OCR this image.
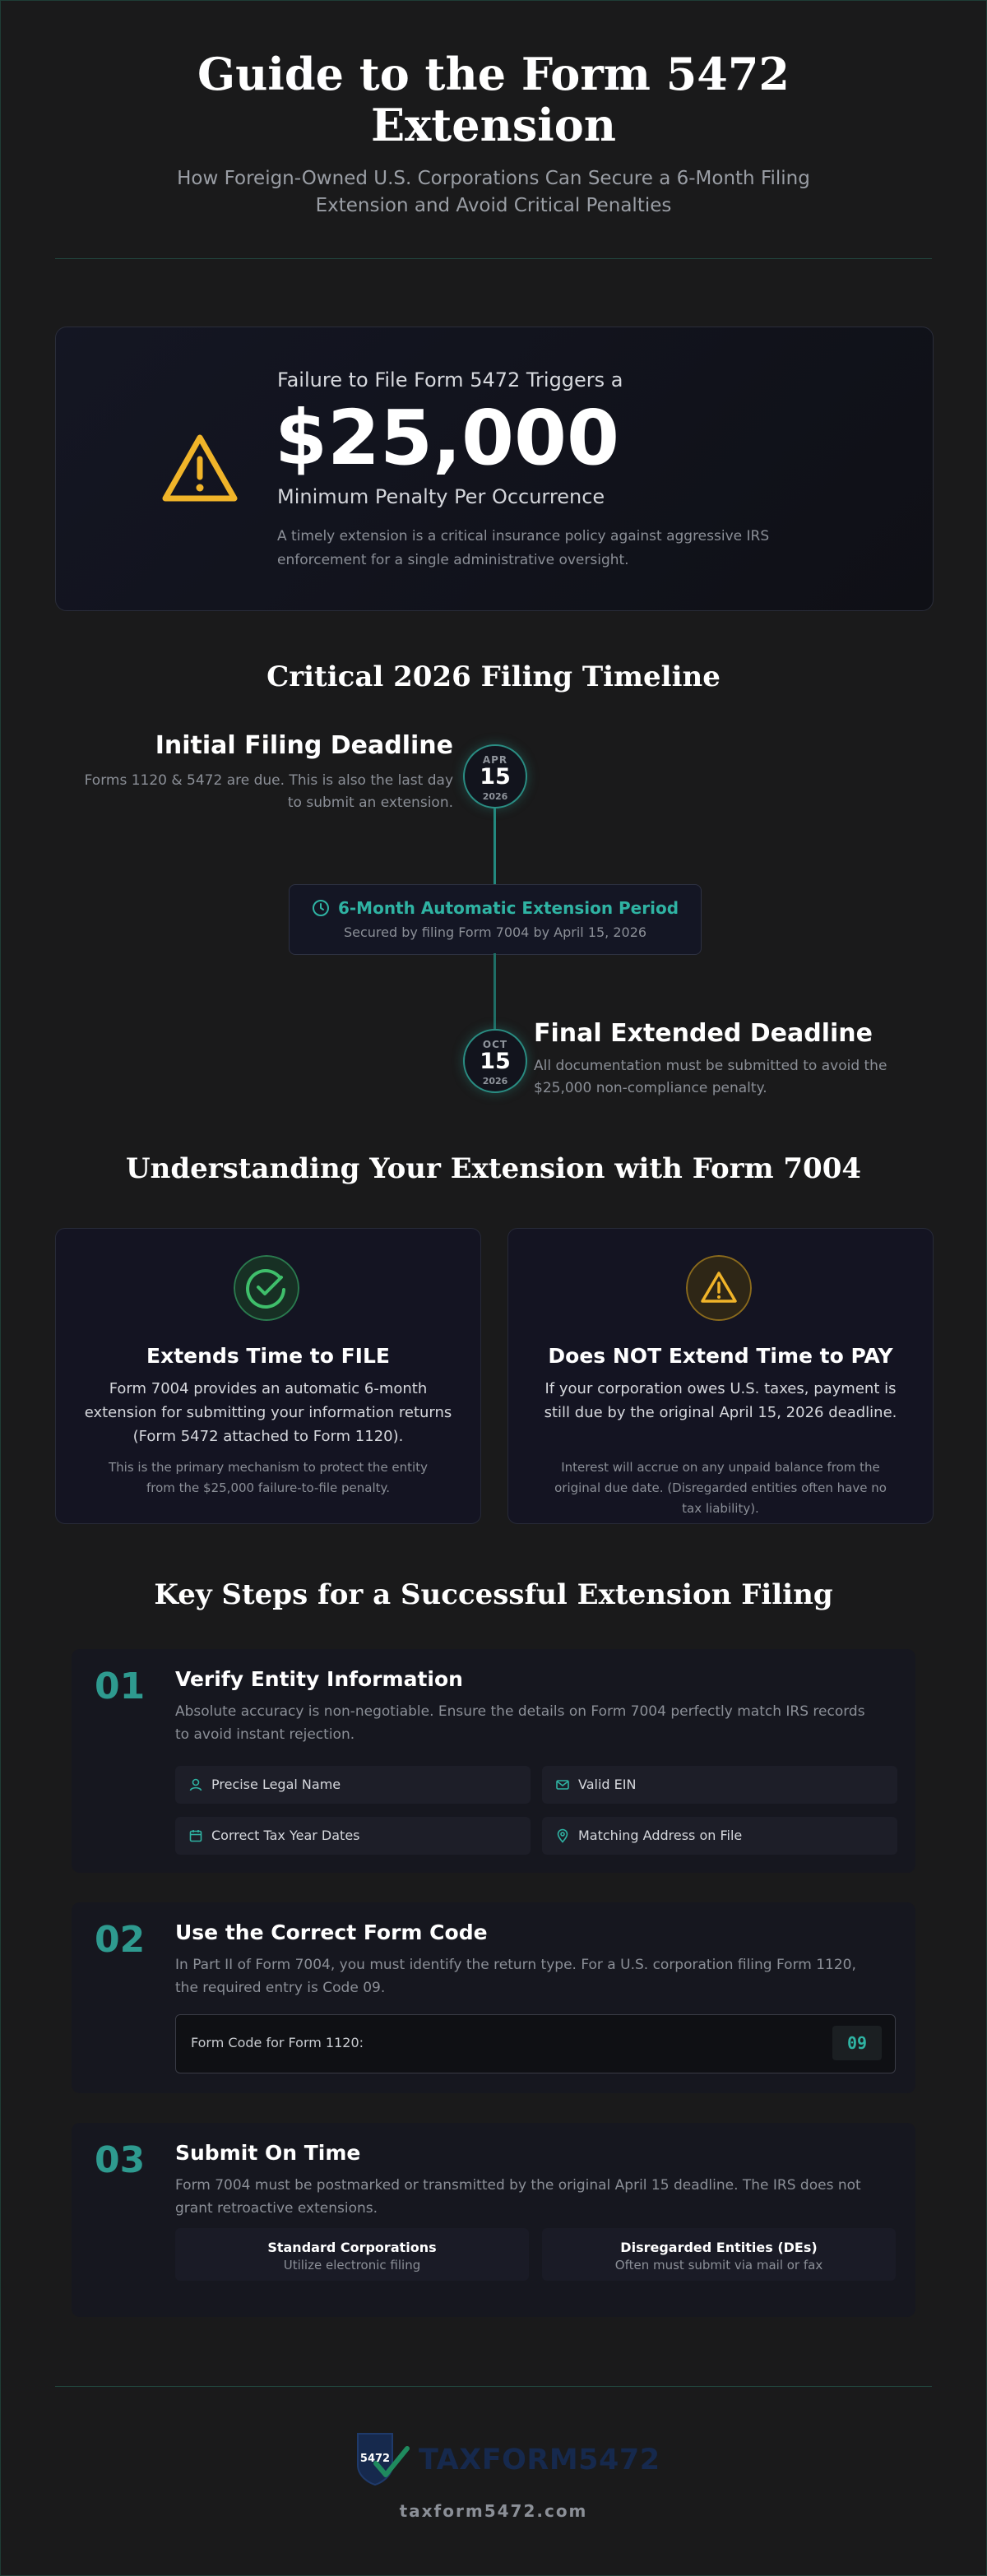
Guide to the Form 5472
Extension
How Foreign-Owned U.S. Corporations Can Secure a 6-Month Filing Extension and Avoid Critical Penalties
Failure to File Form 5472 Triggers a
$25,000
Minimum Penalty Per Occurrence
A timely extension is a critical insurance policy against aggressive IRS enforcement for a single administrative oversight.
Critical 2026 Filing Timeline
Initial Filing Deadline
Forms 1120 & 5472 are due. This is also the last day to submit an extension.
APR
15
2026
6-Month Automatic Extension Period
Secured by filing Form 7004 by April 15, 2026
OCT
15
2026
Final Extended Deadline
All documentation must be submitted to avoid the $25,000 non-compliance penalty.
Understanding Your Extension with Form 7004
Extends Time to FILE
Form 7004 provides an automatic 6-month extension for submitting your information returns (Form 5472 attached to Form 1120).
This is the primary mechanism to protect the entity from the $25,000 failure-to-file penalty.
Does NOT Extend Time to PAY
If your corporation owes U.S. taxes, payment is still due by the original April 15, 2026 deadline.
Interest will accrue on any unpaid balance from the original due date. (Disregarded entities often have no tax liability).
Key Steps for a Successful Extension Filing
01 Verify Entity Information
Absolute accuracy is non-negotiable. Ensure the details on Form 7004 perfectly match IRS records to avoid instant rejection.
Precise Legal Name	Valid EIN
Correct Tax Year Dates	Matching Address on File
02 Use the Correct Form Code
In Part II of Form 7004, you must identify the return type. For a U.S. corporation filing Form 1120, the required entry is Code 09.
Form Code for Form 1120:	09
03 Submit On Time
Form 7004 must be postmarked or transmitted by the original April 15 deadline. The IRS does not grant retroactive extensions.
Standard Corporations
Utilize electronic filing
Disregarded Entities (DEs)
Often must submit via mail or fax
5472 TAXFORM5472
taxform5472.com
